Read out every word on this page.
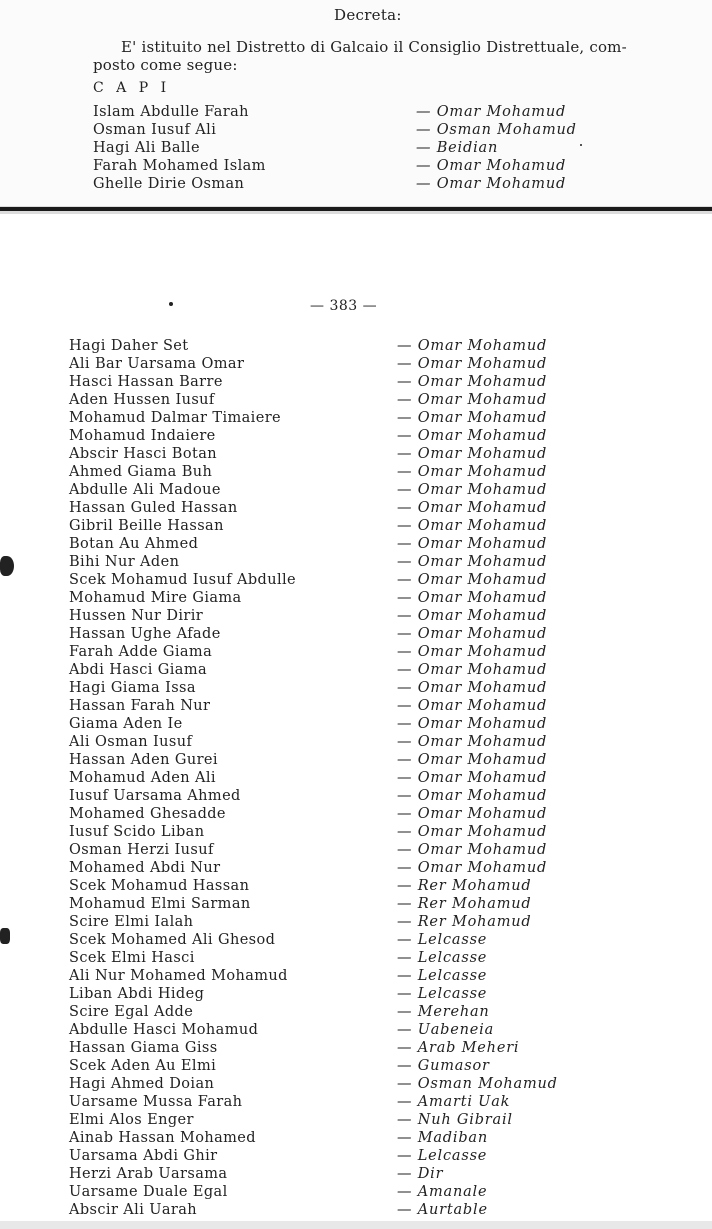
Decreta:
E' istituito nel Distretto di Galcaio il Consiglio Distrettuale, com-
posto come segue:
C A P I
Islam Abdulle Farah	— Omar Mohamud
Osman Iusuf Ali	— Osman Mohamud
Hagi Ali Balle	— Beidian
Farah Mohamed Islam	— Omar Mohamud
Ghelle Dirie Osman	— Omar Mohamud
— 383 —
Hagi Daher Set	— Omar Mohamud
Ali Bar Uarsama Omar	— Omar Mohamud
Hasci Hassan Barre	— Omar Mohamud
Aden Hussen Iusuf	— Omar Mohamud
Mohamud Dalmar Timaiere	— Omar Mohamud
Mohamud Indaiere	— Omar Mohamud
Abscir Hasci Botan	— Omar Mohamud
Ahmed Giama Buh	— Omar Mohamud
Abdulle Ali Madoue	— Omar Mohamud
Hassan Guled Hassan	— Omar Mohamud
Gibril Beille Hassan	— Omar Mohamud
Botan Au Ahmed	— Omar Mohamud
Bihi Nur Aden	— Omar Mohamud
Scek Mohamud Iusuf Abdulle	— Omar Mohamud
Mohamud Mire Giama	— Omar Mohamud
Hussen Nur Dirir	— Omar Mohamud
Hassan Ughe Afade	— Omar Mohamud
Farah Adde Giama	— Omar Mohamud
Abdi Hasci Giama	— Omar Mohamud
Hagi Giama Issa	— Omar Mohamud
Hassan Farah Nur	— Omar Mohamud
Giama Aden Ie	— Omar Mohamud
Ali Osman Iusuf	— Omar Mohamud
Hassan Aden Gurei	— Omar Mohamud
Mohamud Aden Ali	— Omar Mohamud
Iusuf Uarsama Ahmed	— Omar Mohamud
Mohamed Ghesadde	— Omar Mohamud
Iusuf Scido Liban	— Omar Mohamud
Osman Herzi Iusuf	— Omar Mohamud
Mohamed Abdi Nur	— Omar Mohamud
Scek Mohamud Hassan	— Rer Mohamud
Mohamud Elmi Sarman	— Rer Mohamud
Scire Elmi Ialah	— Rer Mohamud
Scek Mohamed Ali Ghesod	— Lelcasse
Scek Elmi Hasci	— Lelcasse
Ali Nur Mohamed Mohamud	— Lelcasse
Liban Abdi Hideg	— Lelcasse
Scire Egal Adde	— Merehan
Abdulle Hasci Mohamud	— Uabeneia
Hassan Giama Giss	— Arab Meheri
Scek Aden Au Elmi	— Gumasor
Hagi Ahmed Doian	— Osman Mohamud
Uarsame Mussa Farah	— Amarti Uak
Elmi Alos Enger	— Nuh Gibrail
Ainab Hassan Mohamed	— Madiban
Uarsama Abdi Ghir	— Lelcasse
Herzi Arab Uarsama	— Dir
Uarsame Duale Egal	— Amanale
Abscir Ali Uarah	— Aurtable
